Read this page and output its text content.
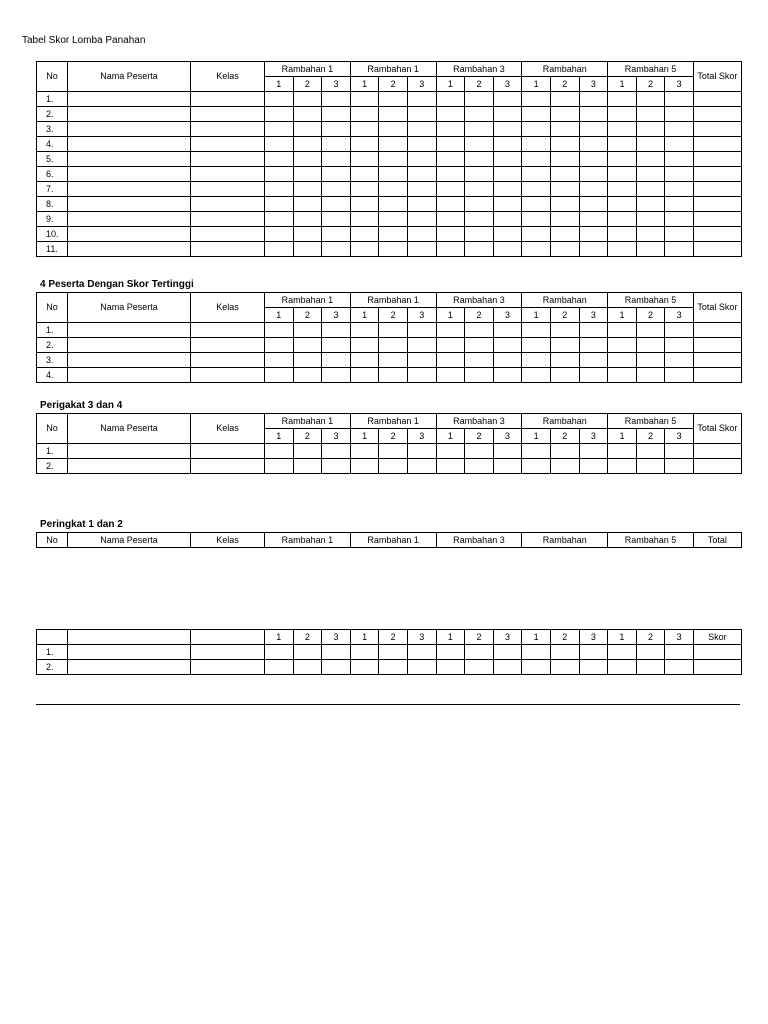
Tabel Skor Lomba Panahan
No	Nama Peserta	Kelas	Rambahan 1			Rambahan 1			Rambahan 3			Rambahan			Rambahan 5			Total Skor	
			1	2	3	1	2	3	1	2	3	1	2	3	1	2	3		
1.																			
2.																			
3.																			
4.																			
5.																			
6.																			
7.																			
8.																			
9.																			
10.																			
11.																			
4 Peserta Dengan Skor Tertinggi
No	Nama Peserta	Kelas	Rambahan 1			Rambahan 1			Rambahan 3			Rambahan			Rambahan 5			Total Skor	
			1	2	3	1	2	3	1	2	3	1	2	3	1	2	3		
1.																			
2.																			
3.																			
4.																			
Perigakat 3 dan 4
No	Nama Peserta	Kelas	Rambahan 1			Rambahan 1			Rambahan 3			Rambahan			Rambahan 5			Total Skor	
			1	2	3	1	2	3	1	2	3	1	2	3	1	2	3		
1.																			
2.																			
Peringkat 1 dan 2
No	Nama Peserta	Kelas	Rambahan 1	Rambahan 1	Rambahan 3	Rambahan	Rambahan 5	Total
			1	2	3	1	2	3	1	2	3	1	2	3	1	2	3	Skor	
1.																			
2.																			
